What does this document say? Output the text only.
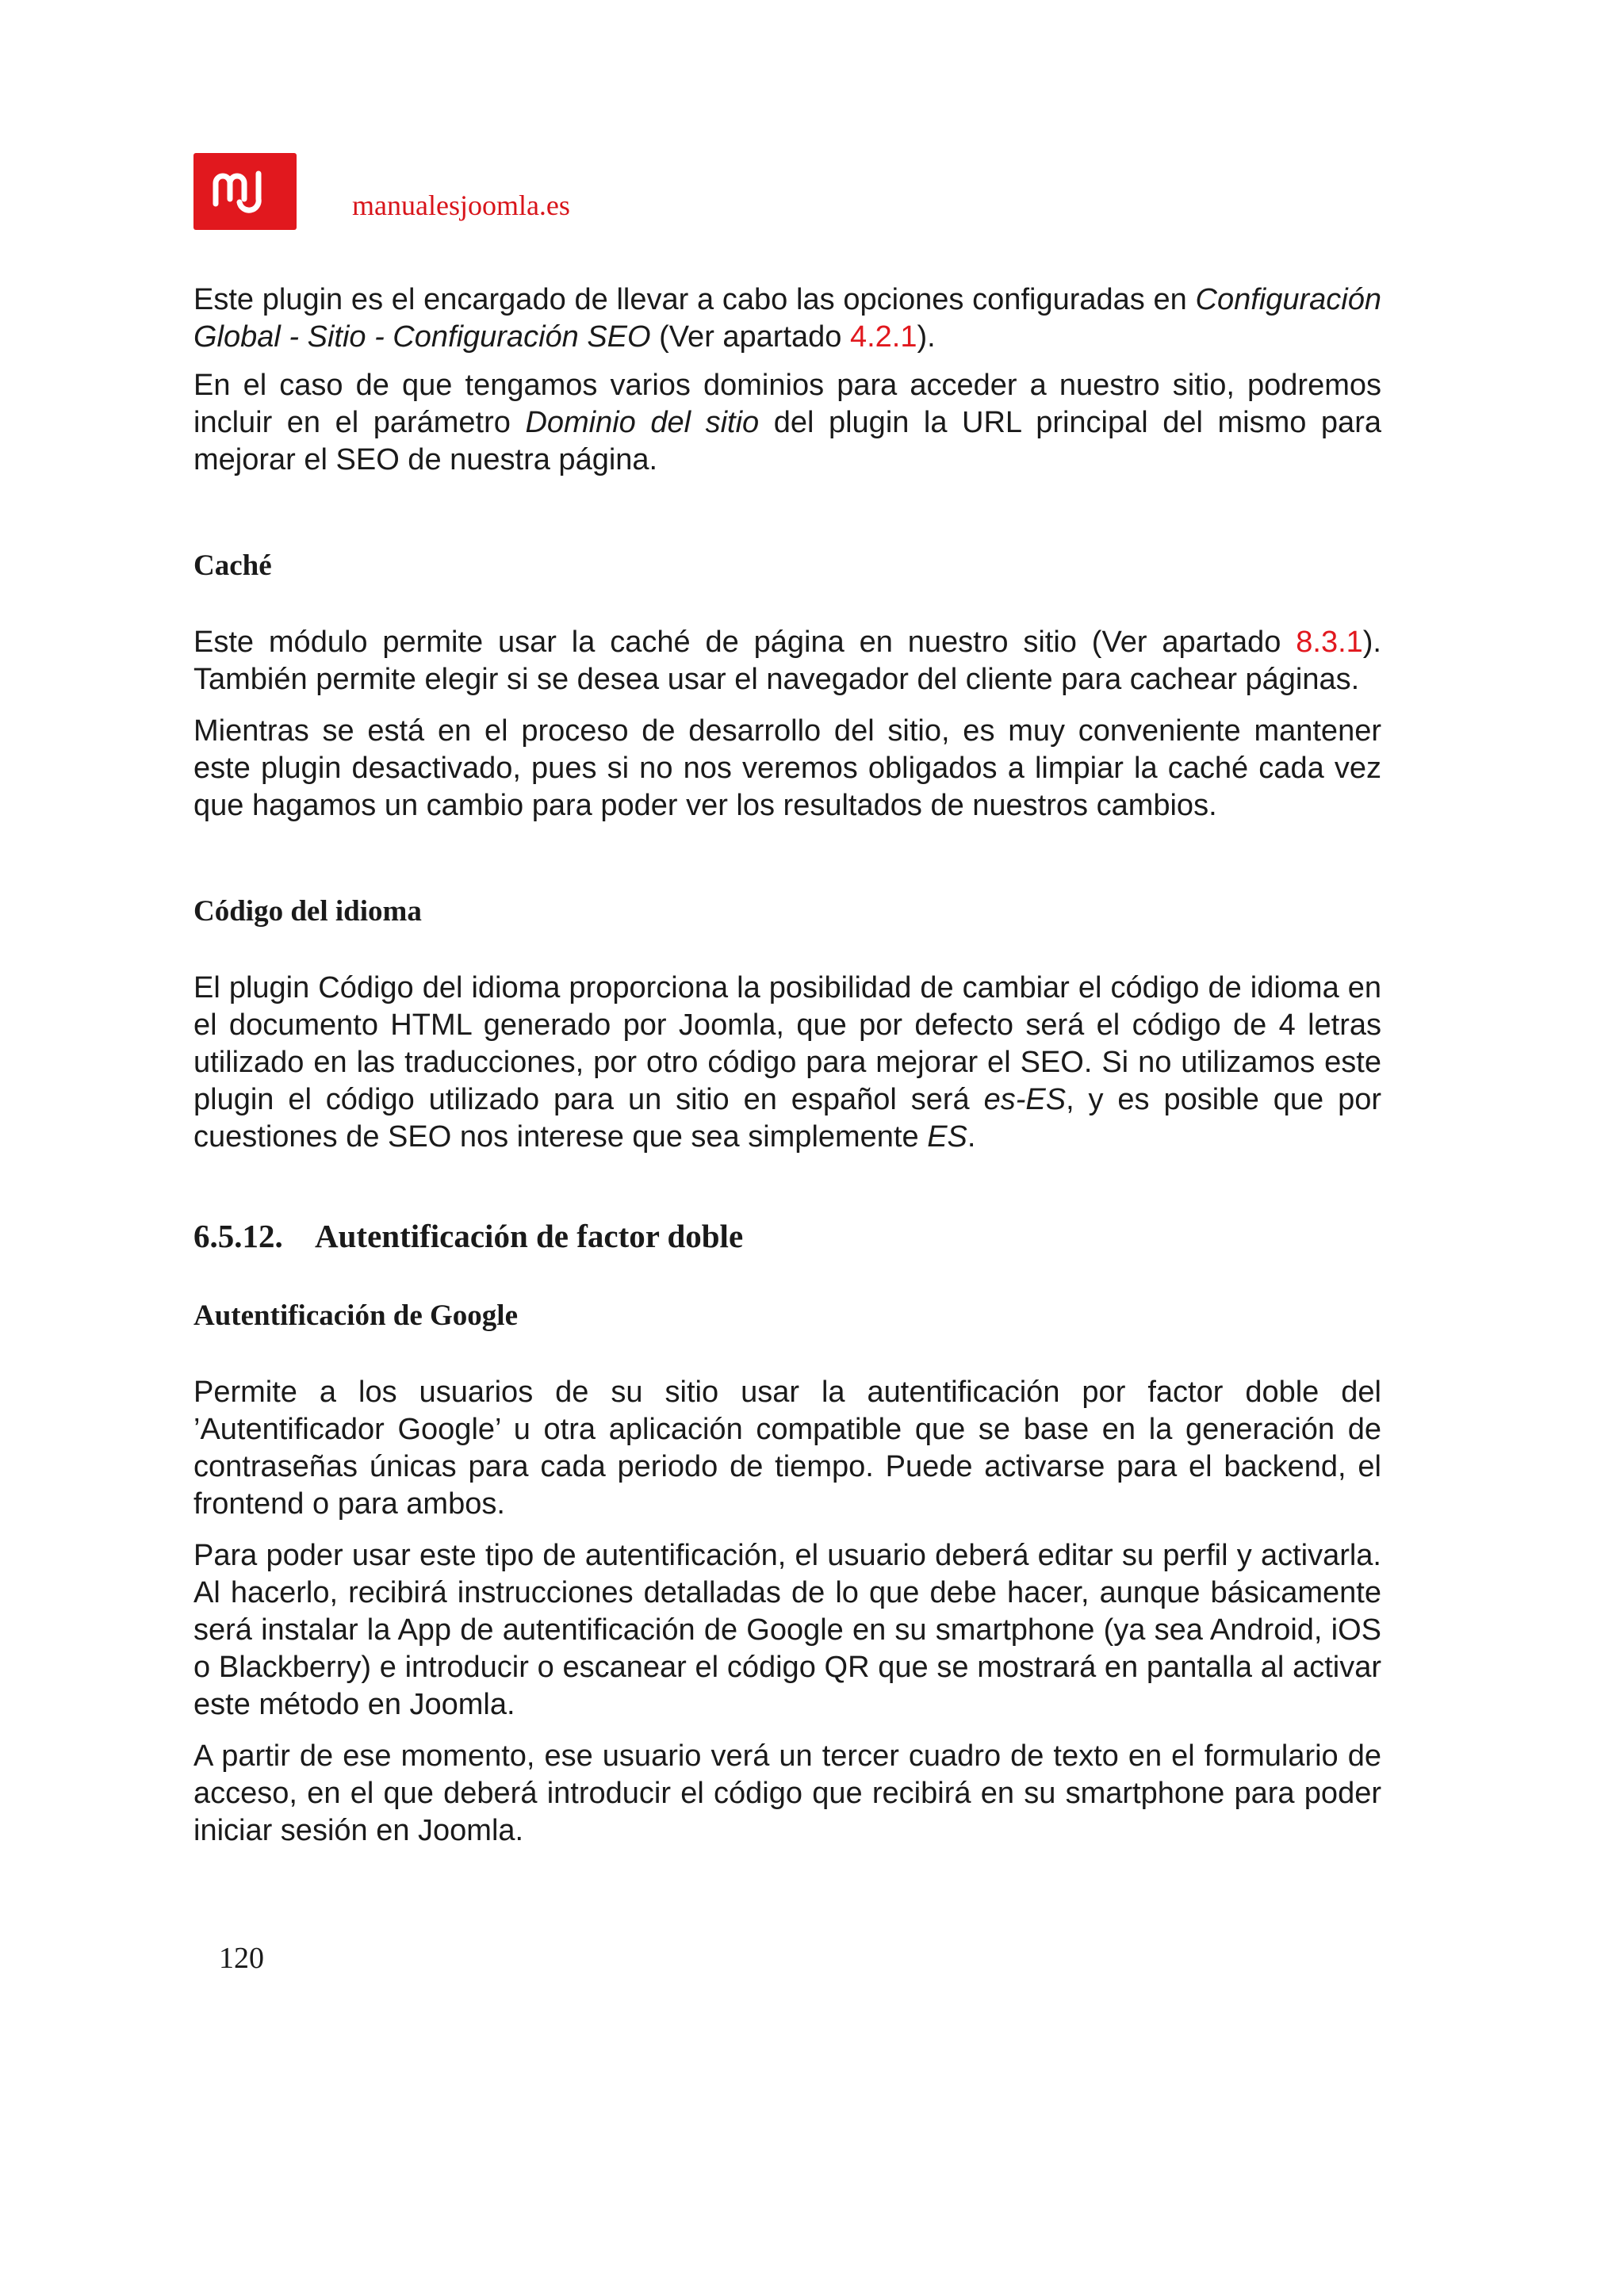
manualesjoomla.es

Este plugin es el encargado de llevar a cabo las opciones configuradas en Configuración Global - Sitio - Configuración SEO (Ver apartado 4.2.1).

En el caso de que tengamos varios dominios para acceder a nuestro sitio, podremos incluir en el parámetro Dominio del sitio del plugin la URL principal del mismo para mejorar el SEO de nuestra página.

Caché

Este módulo permite usar la caché de página en nuestro sitio (Ver apartado 8.3.1). También permite elegir si se desea usar el navegador del cliente para cachear páginas.

Mientras se está en el proceso de desarrollo del sitio, es muy conveniente mantener este plugin desactivado, pues si no nos veremos obligados a limpiar la caché cada vez que hagamos un cambio para poder ver los resultados de nuestros cambios.

Código del idioma

El plugin Código del idioma proporciona la posibilidad de cambiar el código de idioma en el documento HTML generado por Joomla, que por defecto será el código de 4 letras utilizado en las traducciones, por otro código para mejorar el SEO. Si no utilizamos este plugin el código utilizado para un sitio en español será es-ES, y es posible que por cuestiones de SEO nos interese que sea simplemente ES.

6.5.12. Autentificación de factor doble
Autentificación de Google

Permite a los usuarios de su sitio usar la autentificación por factor doble del ’Autentificador Google’ u otra aplicación compatible que se base en la generación de contraseñas únicas para cada periodo de tiempo. Puede activarse para el backend, el frontend o para ambos.

Para poder usar este tipo de autentificación, el usuario deberá editar su perfil y activarla. Al hacerlo, recibirá instrucciones detalladas de lo que debe hacer, aunque básicamente será instalar la App de autentificación de Google en su smartphone (ya sea Android, iOS o Blackberry) e introducir o escanear el código QR que se mostrará en pantalla al activar este método en Joomla.

A partir de ese momento, ese usuario verá un tercer cuadro de texto en el formulario de acceso, en el que deberá introducir el código que recibirá en su smartphone para poder iniciar sesión en Joomla.

120
